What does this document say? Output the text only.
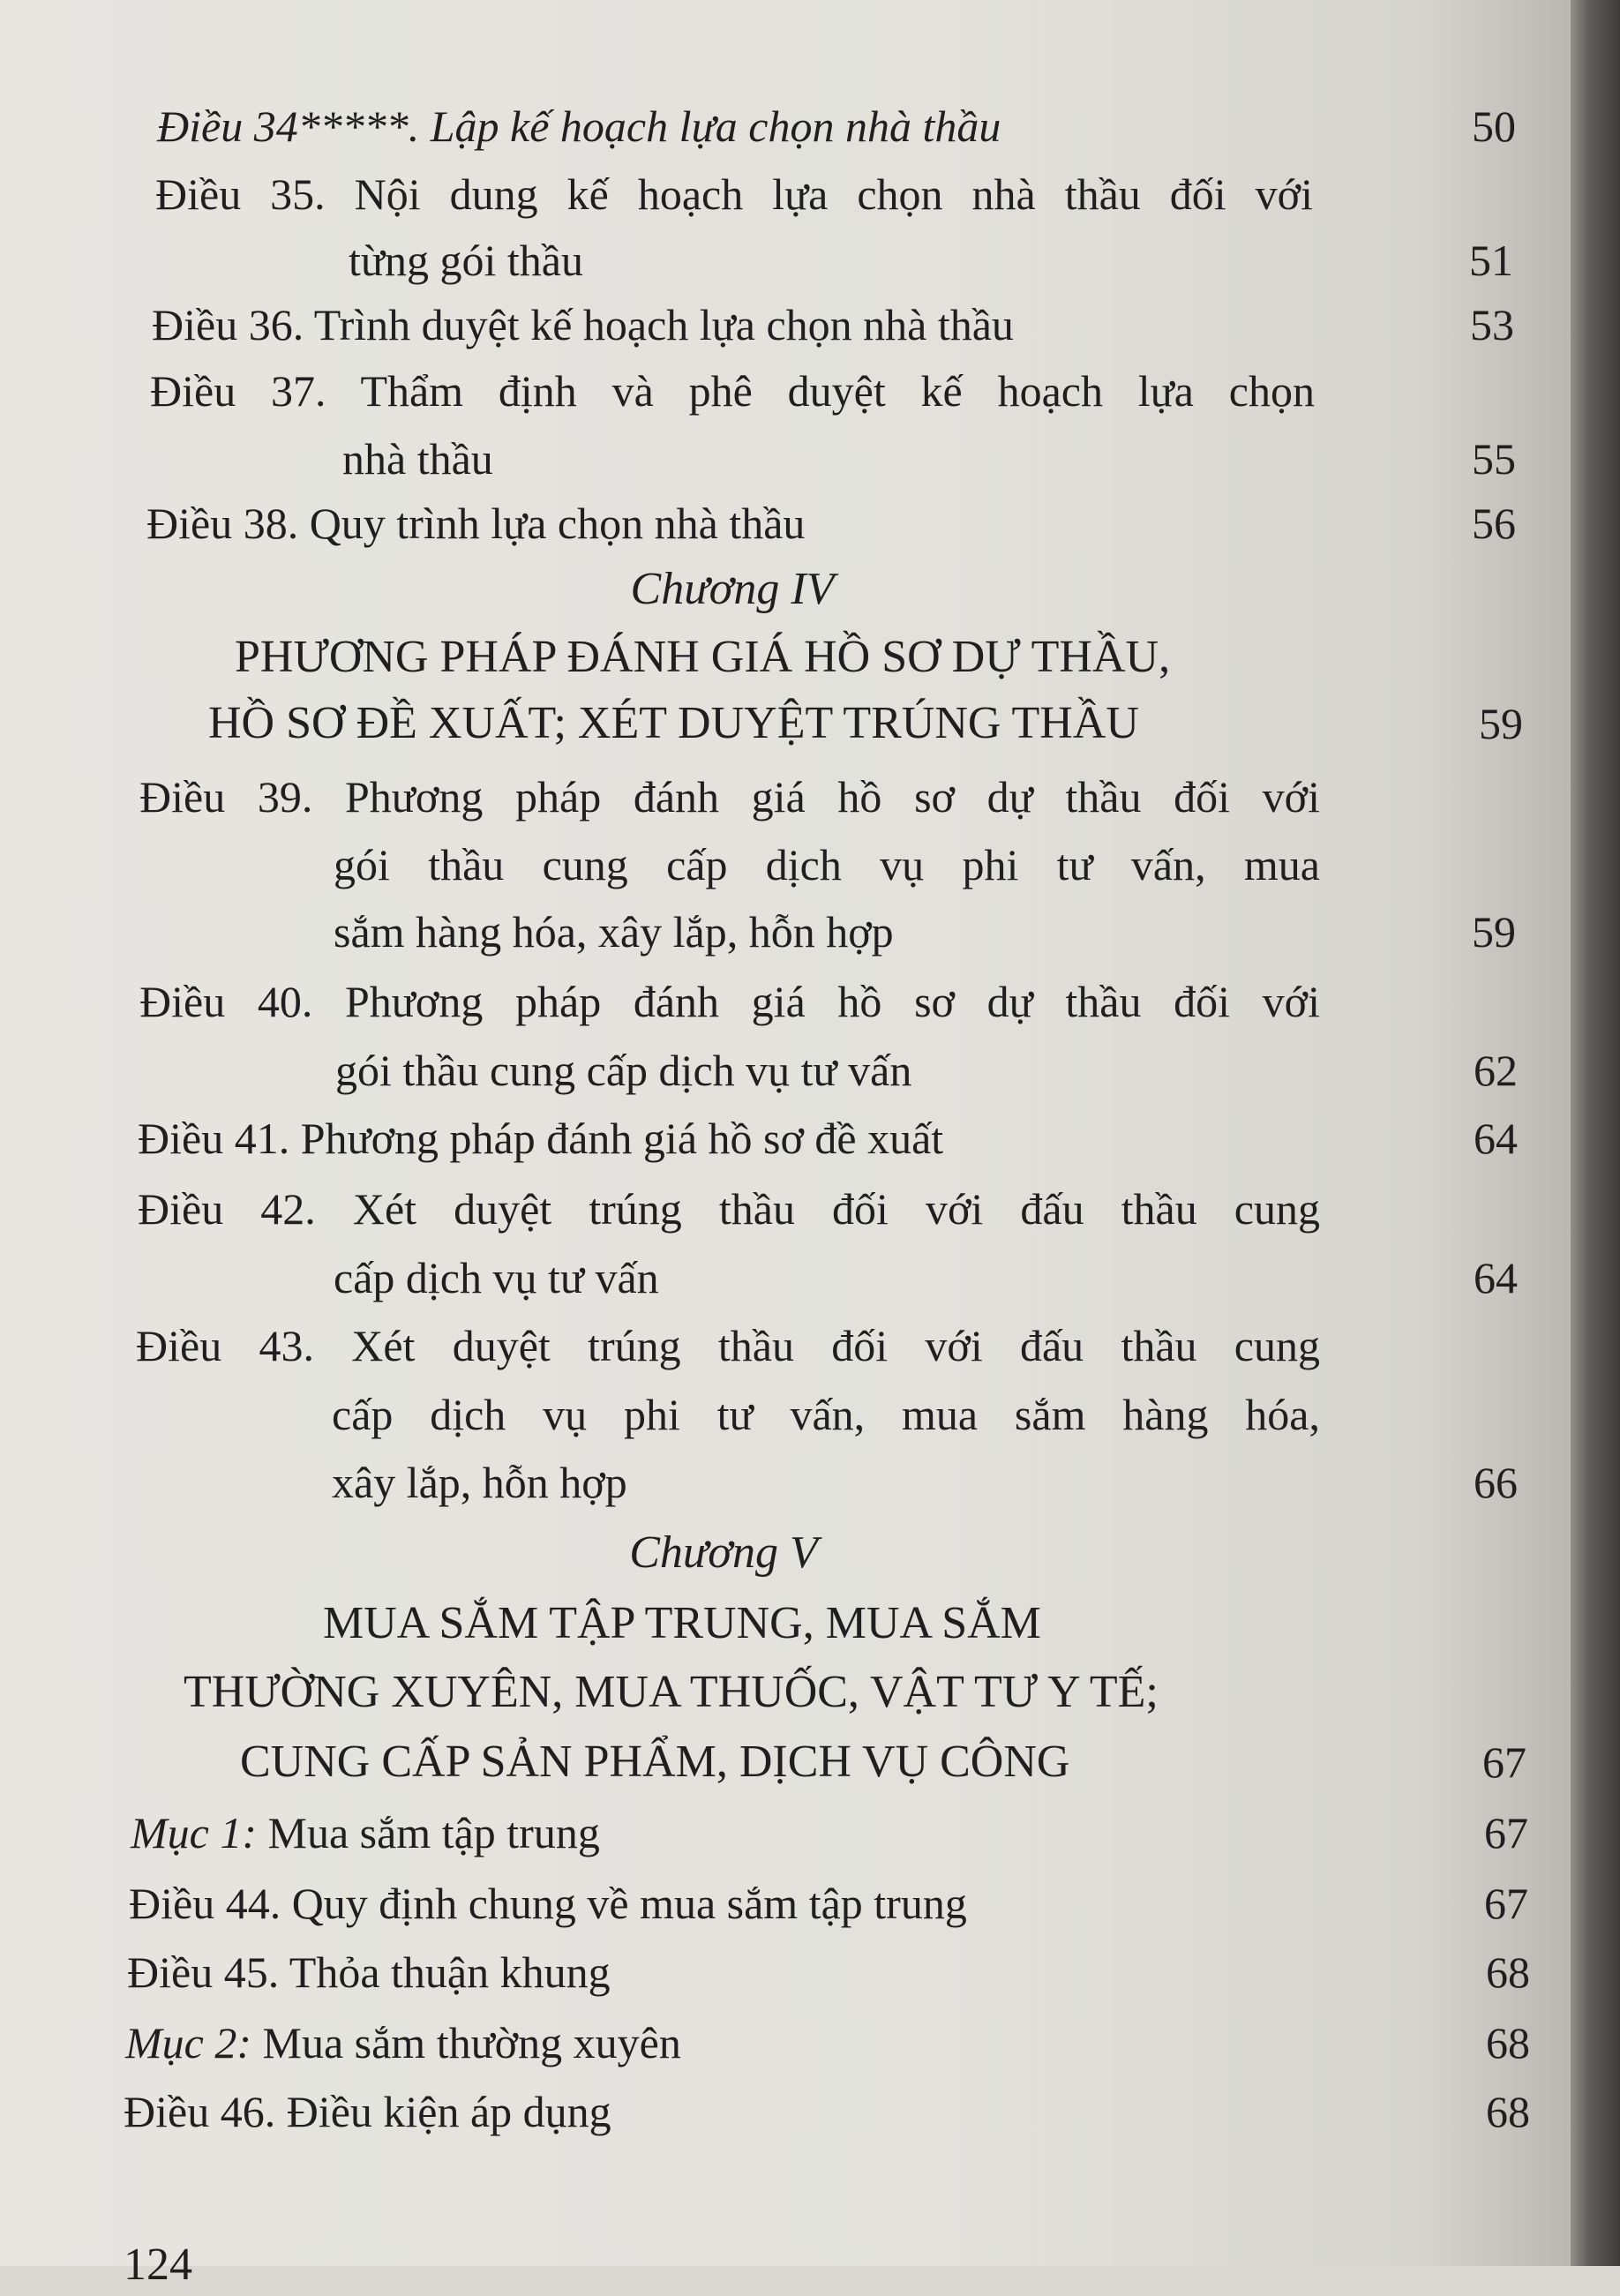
Điều 34*****. Lập kế hoạch lựa chọn nhà thầu	50
Điều 35. Nội dung kế hoạch lựa chọn nhà thầu đối với
từng gói thầu	51
Điều 36. Trình duyệt kế hoạch lựa chọn nhà thầu	53
Điều 37. Thẩm định và phê duyệt kế hoạch lựa chọn
nhà thầu	55
Điều 38. Quy trình lựa chọn nhà thầu	56
Chương IV
PHƯƠNG PHÁP ĐÁNH GIÁ HỒ SƠ DỰ THẦU,
HỒ SƠ ĐỀ XUẤT; XÉT DUYỆT TRÚNG THẦU	59
Điều 39. Phương pháp đánh giá hồ sơ dự thầu đối với
gói thầu cung cấp dịch vụ phi tư vấn, mua
sắm hàng hóa, xây lắp, hỗn hợp	59
Điều 40. Phương pháp đánh giá hồ sơ dự thầu đối với
gói thầu cung cấp dịch vụ tư vấn	62
Điều 41. Phương pháp đánh giá hồ sơ đề xuất	64
Điều 42. Xét duyệt trúng thầu đối với đấu thầu cung
cấp dịch vụ tư vấn	64
Điều 43. Xét duyệt trúng thầu đối với đấu thầu cung
cấp dịch vụ phi tư vấn, mua sắm hàng hóa,
xây lắp, hỗn hợp	66
Chương V
MUA SẮM TẬP TRUNG, MUA SẮM
THƯỜNG XUYÊN, MUA THUỐC, VẬT TƯ Y TẾ;
CUNG CẤP SẢN PHẨM, DỊCH VỤ CÔNG	67
Mục 1: Mua sắm tập trung	67
Điều 44. Quy định chung về mua sắm tập trung	67
Điều 45. Thỏa thuận khung	68
Mục 2: Mua sắm thường xuyên	68
Điều 46. Điều kiện áp dụng	68
124
